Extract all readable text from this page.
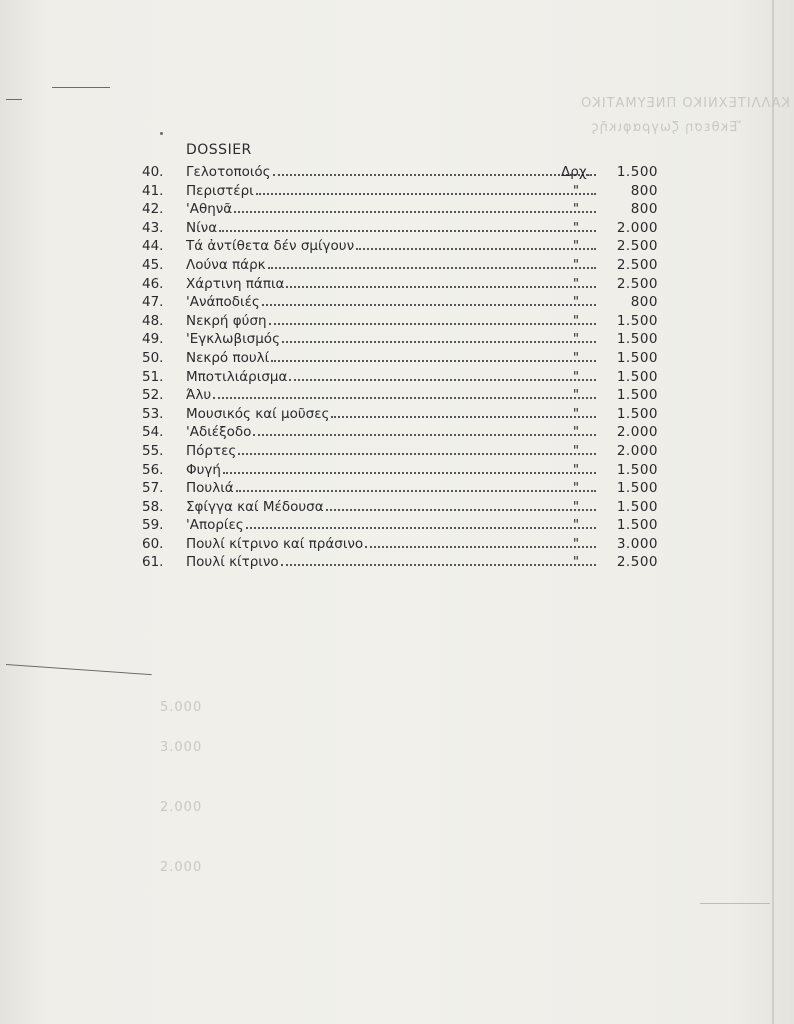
ΚΑΛΛΙΤΕΧΝΙΚΟ ΠΝΕΥΜΑΤΙΚΟ
Ἔκθεση ζωγραφικῆς
5.000
3.000
2.000
2.000
DOSSIER
40. Γελοτοποιός	Δρχ.	1.500
41. Περιστέρι	"	800
42. 'Αθηνᾶ	"	800
43. Νίνα	"	2.000
44. Τά ἀντίθετα δέν σμίγουν	"	2.500
45. Λούνα πάρκ	"	2.500
46. Χάρτινη πάπια	"	2.500
47. 'Ανάποδιές	"	800
48. Νεκρή φύση	"	1.500
49. 'Εγκλωβισμός	"	1.500
50. Νεκρό πουλί	"	1.500
51. Μποτιλιάρισμα	"	1.500
52. Άλυ	"	1.500
53. Μουσικός καί μοῦσες	"	1.500
54. 'Αδιέξοδο	"	2.000
55. Πόρτες	"	2.000
56. Φυγή	"	1.500
57. Πουλιά	"	1.500
58. Σφίγγα καί Μέδουσα	"	1.500
59. 'Απορίες	"	1.500
60. Πουλί κίτρινο καί πράσινο	"	3.000
61. Πουλί κίτρινο	"	2.500
